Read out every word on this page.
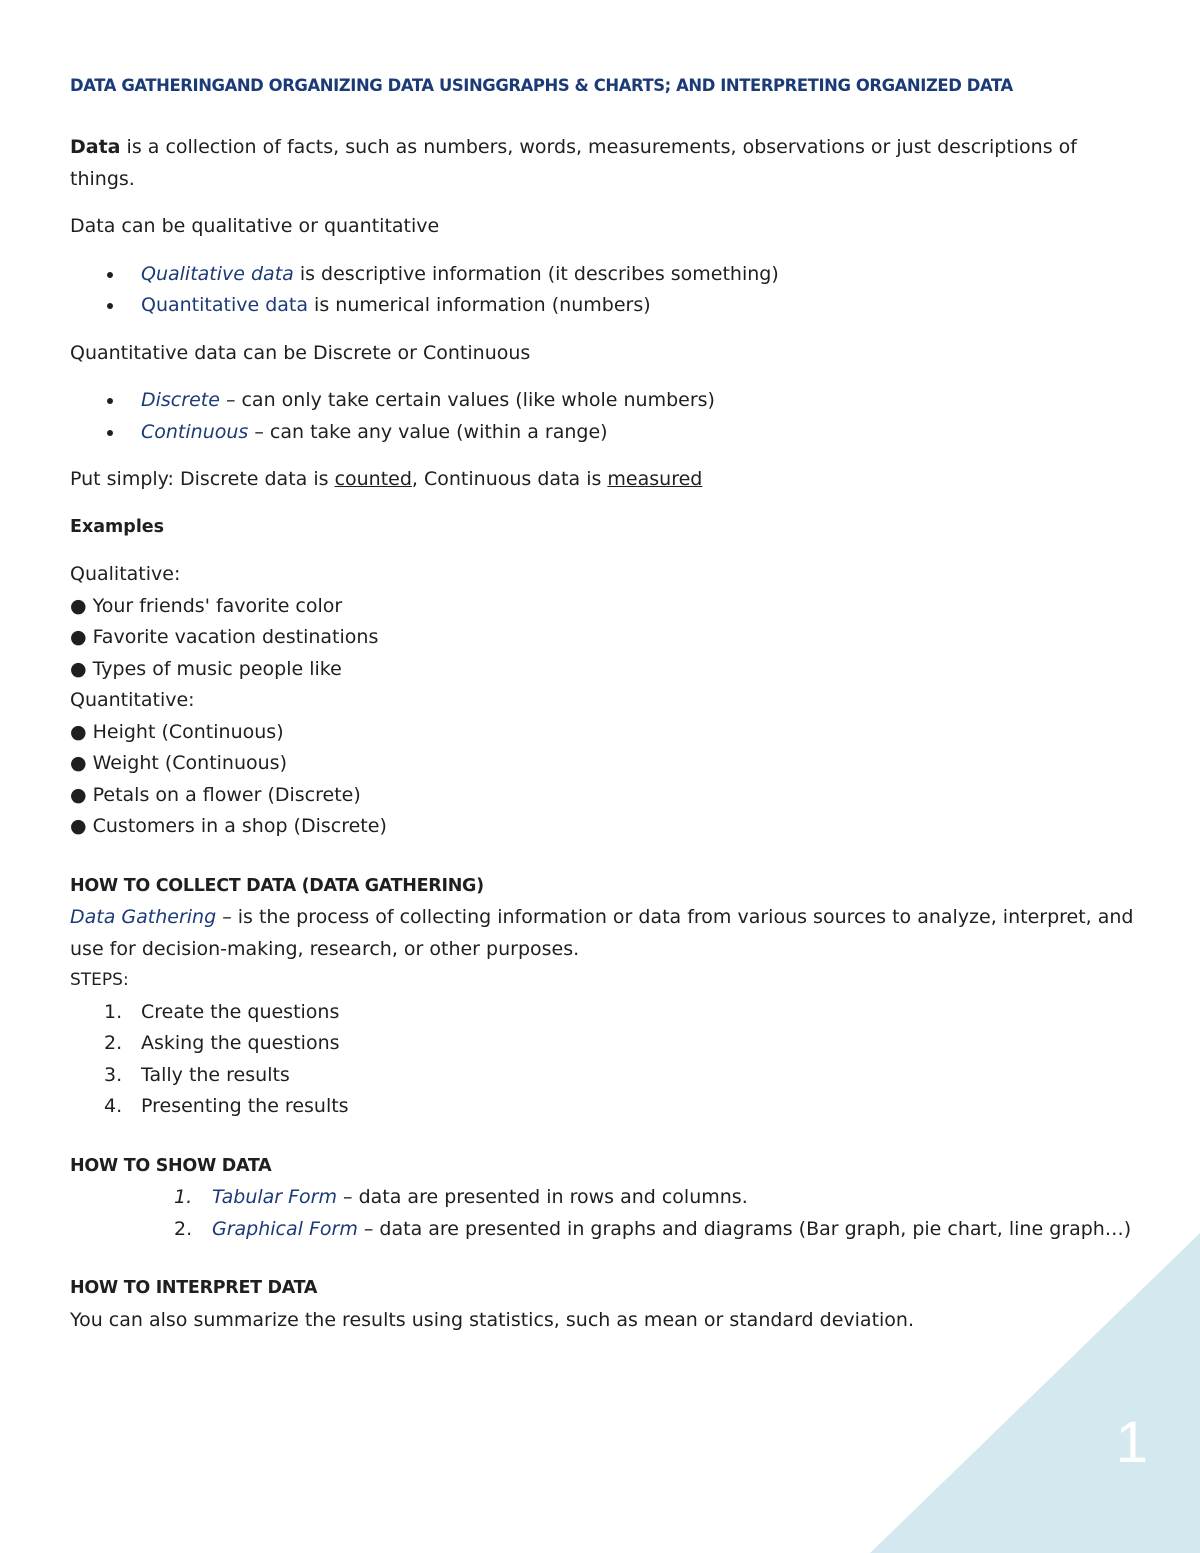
1
DATA GATHERINGAND ORGANIZING DATA USINGGRAPHS & CHARTS; AND INTERPRETING ORGANIZED DATA

Data is a collection of facts, such as numbers, words, measurements, observations or just descriptions of things.

Data can be qualitative or quantitative

Qualitative data is descriptive information (it describes something)
Quantitative data is numerical information (numbers)

Quantitative data can be Discrete or Continuous

Discrete – can only take certain values (like whole numbers)
Continuous – can take any value (within a range)

Put simply: Discrete data is counted, Continuous data is measured

Examples

Qualitative:

● Your friends' favorite color

● Favorite vacation destinations

● Types of music people like

Quantitative:

● Height (Continuous)

● Weight (Continuous)

● Petals on a flower (Discrete)

● Customers in a shop (Discrete)

HOW TO COLLECT DATA (DATA GATHERING)

Data Gathering – is the process of collecting information or data from various sources to analyze, interpret, and use for decision-making, research, or other purposes.

STEPS:

1. Create the questions
2. Asking the questions
3. Tally the results
4. Presenting the results

HOW TO SHOW DATA

1. Tabular Form – data are presented in rows and columns.
2. Graphical Form – data are presented in graphs and diagrams (Bar graph, pie chart, line graph…)

HOW TO INTERPRET DATA

You can also summarize the results using statistics, such as mean or standard deviation.
